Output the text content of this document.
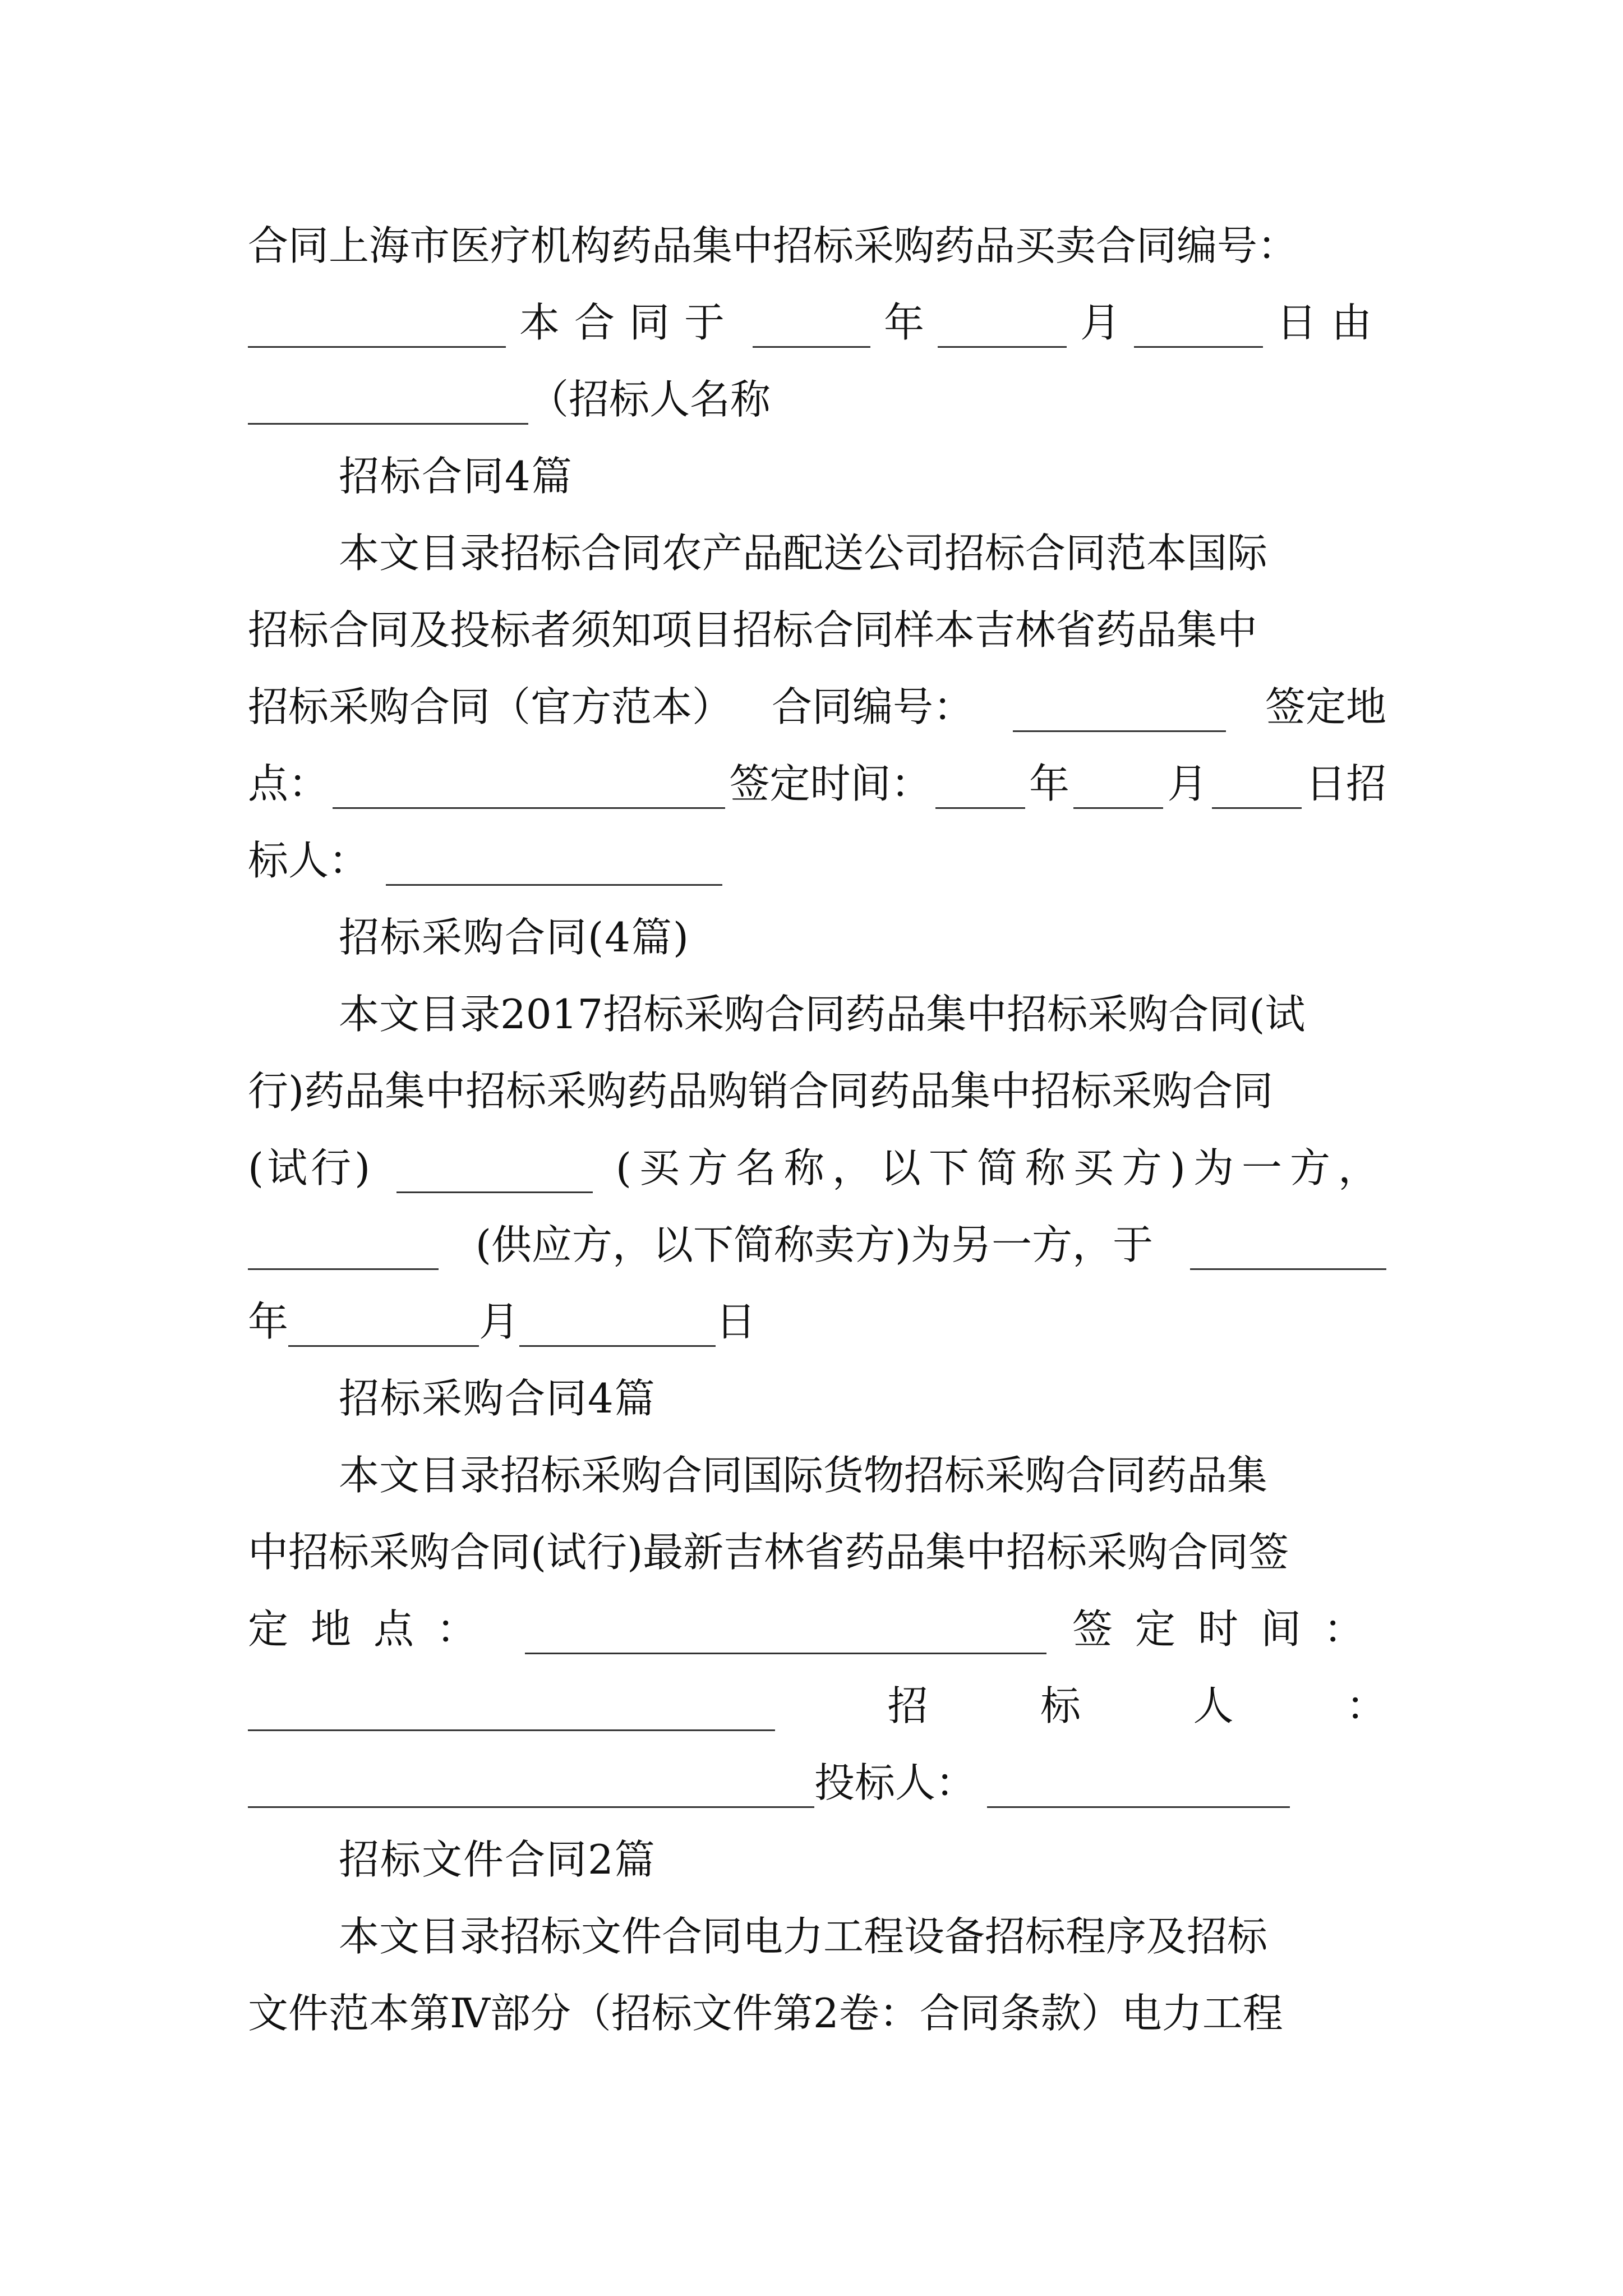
合同上海市医疗机构药品集中招标采购药品买卖合同编号：
本合同于	年	月	日由
（招标人名称
招标合同4篇
本文目录招标合同农产品配送公司招标合同范本国际
招标合同及投标者须知项目招标合同样本吉林省药品集中
招标采购合同（官方范本） 合同编号：	签定地
点：	签定时间： 年 月 日招
标人：
招标采购合同(4篇)
本文目录2017招标采购合同药品集中招标采购合同(试
行)药品集中招标采购药品购销合同药品集中招标采购合同
(试行)	(买方名称，以下简称买方)为一方，
(供应方，以下简称卖方)为另一方，于
年	月	日
招标采购合同4篇
本文目录招标采购合同国际货物招标采购合同药品集
中招标采购合同(试行)最新吉林省药品集中招标采购合同签
定地点：	签定时间：
招	标	人	：
投标人：
招标文件合同2篇
本文目录招标文件合同电力工程设备招标程序及招标
文件范本第Ⅳ部分（招标文件第2卷：合同条款）电力工程
